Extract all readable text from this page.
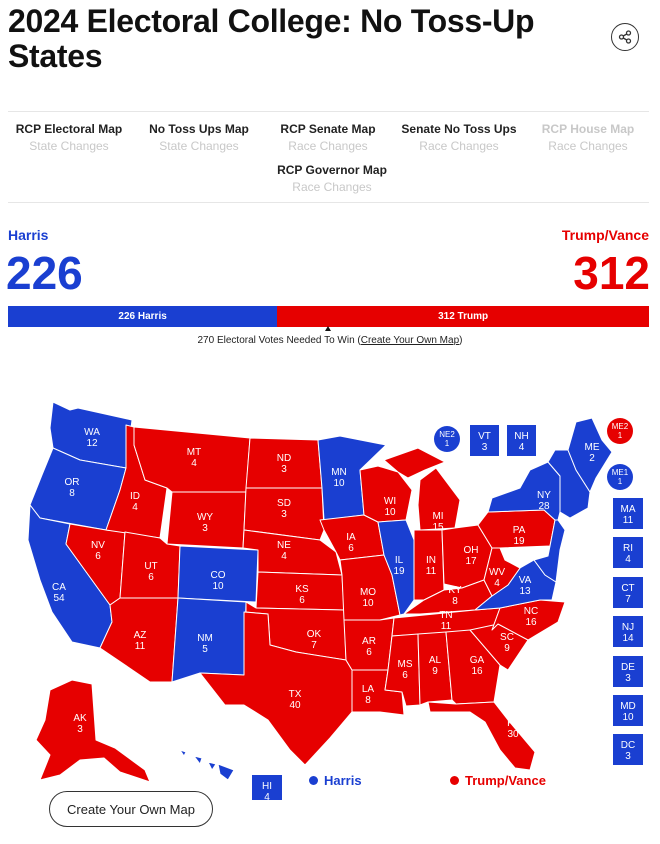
2024 Electoral College: No Toss-Up States
RCP Electoral Map
State Changes
No Toss Ups Map
State Changes
RCP Senate Map
Race Changes
Senate No Toss Ups
Race Changes
RCP House Map
Race Changes
RCP Governor Map
Race Changes
Harris	Trump/Vance
226	312
226 Harris	312 Trump
270 Electoral Votes Needed To Win (Create Your Own Map)
WA
12
OR
8
CA
54
NV
6
ID
4
MT
4
WY
3
UT
6
AZ
11
CO
10
NM
5
ND
3
SD
3
NE
4
KS
6
OK
7
TX
40
MN
10
IA
6
MO
10
AR
6
LA
8
WI
10
IL
19
MI
15
IN
11
OH
17
KY
8
TN
11
MS
6
AL
9
GA
16
FL
30
SC
9
NC
16
VA
13
WV
4
PA
19
NY
28
ME
2
AK
3
NE2
1
ME2
1
ME1
1
VT
3
NH
4
MA
11
RI
4
CT
7
NJ
14
DE
3
MD
10
DC
3
HI
4
Harris	Trump/Vance
Create Your Own Map
